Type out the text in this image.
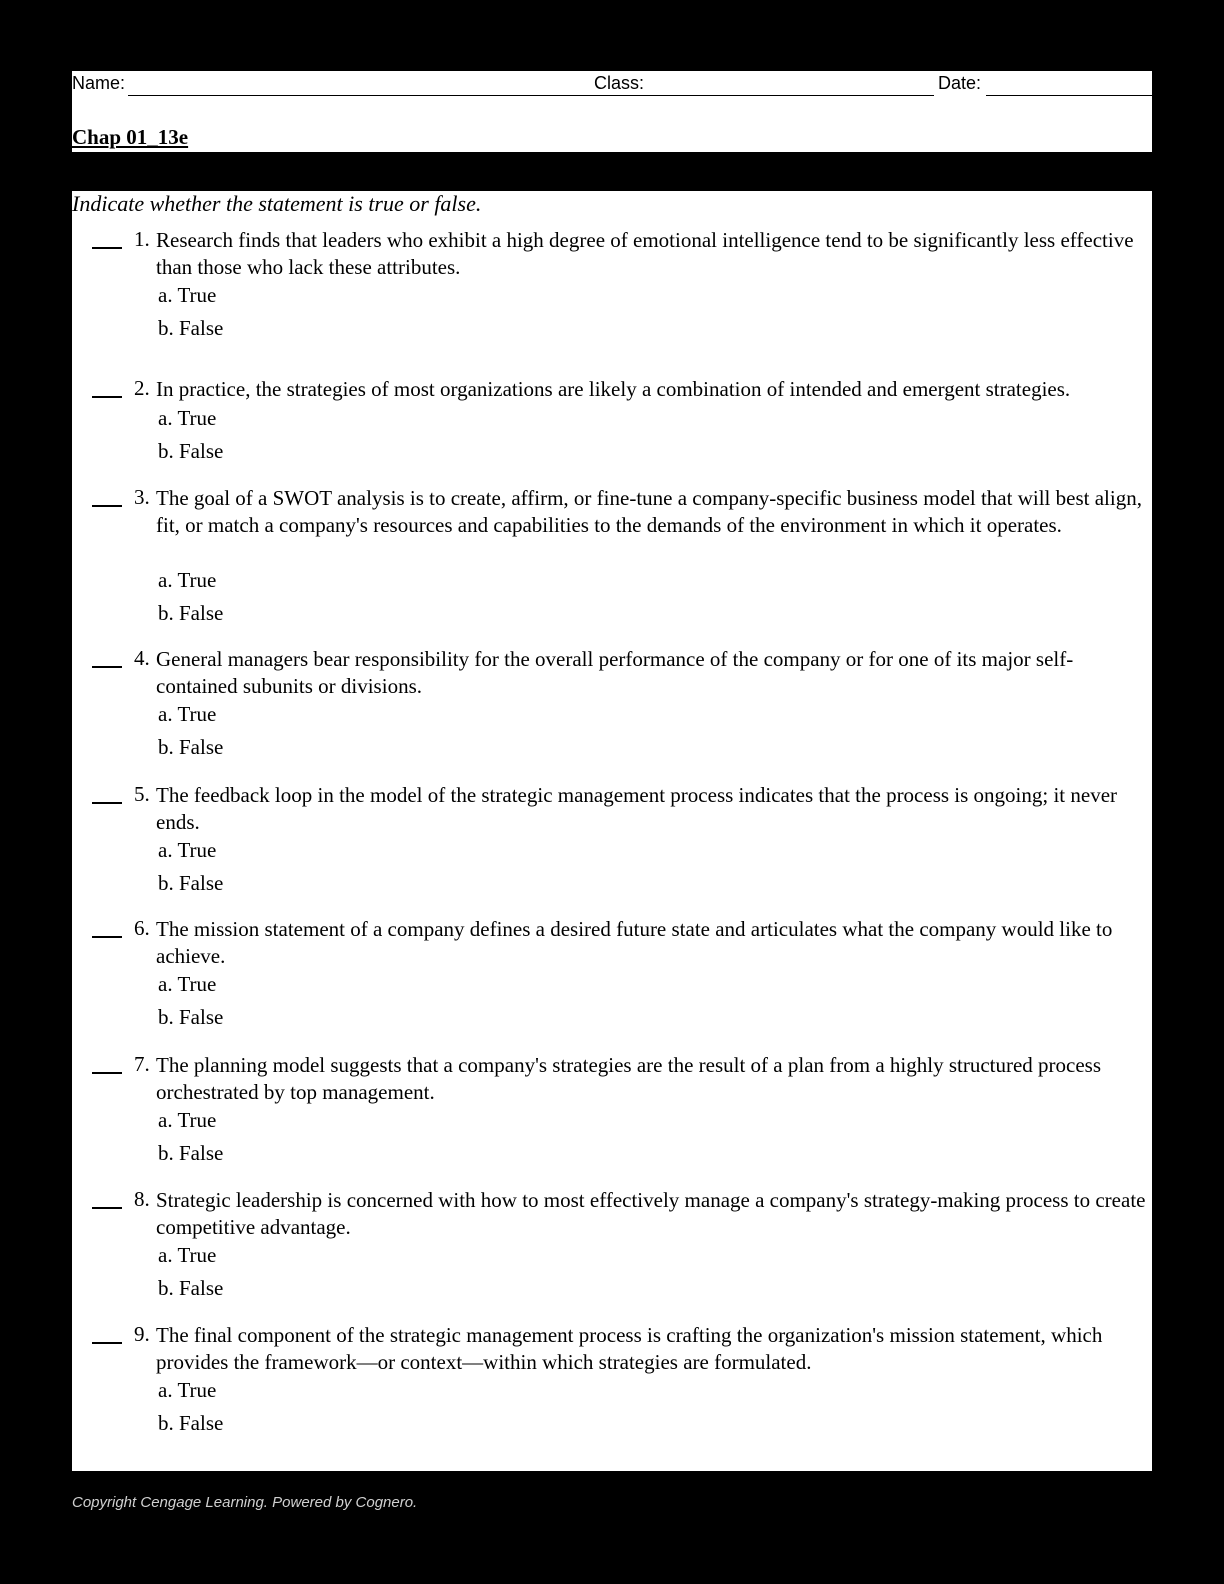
Name:	Class:	Date:
Chap 01_13e
Indicate whether the statement is true or false.
1. Research finds that leaders who exhibit a high degree of emotional intelligence tend to be significantly less effective than those who lack these attributes.
a. True
b. False
2. In practice, the strategies of most organizations are likely a combination of intended and emergent strategies.
a. True
b. False
3. The goal of a SWOT analysis is to create, affirm, or fine-tune a company-specific business model that will best align, fit, or match a company's resources and capabilities to the demands of the environment in which it operates.
a. True
b. False
4. General managers bear responsibility for the overall performance of the company or for one of its major self-contained subunits or divisions.
a. True
b. False
5. The feedback loop in the model of the strategic management process indicates that the process is ongoing; it never ends.
a. True
b. False
6. The mission statement of a company defines a desired future state and articulates what the company would like to achieve.
a. True
b. False
7. The planning model suggests that a company's strategies are the result of a plan from a highly structured process orchestrated by top management.
a. True
b. False
8. Strategic leadership is concerned with how to most effectively manage a company's strategy-making process to create competitive advantage.
a. True
b. False
9. The final component of the strategic management process is crafting the organization's mission statement, which provides the framework—or context—within which strategies are formulated.
a. True
b. False
Copyright Cengage Learning. Powered by Cognero.
